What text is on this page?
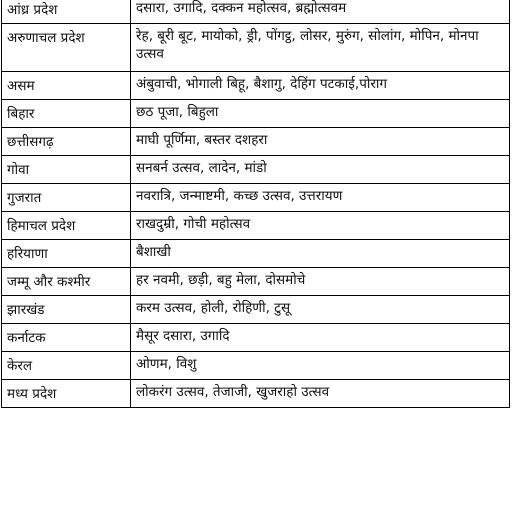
आंध्र प्रदेश	दसारा, उगादि, दक्कन महोत्सव, ब्रह्मोत्सवम
अरुणाचल प्रदेश	रेह, बूरी बूट, मायोको, ड्री, पोंगट्ठ, लोसर, मुरुंग, सोलांग, मोपिन, मोनपा उत्सव
असम	अंबुवाची, भोगाली बिहू, बैशागु, देहिंग पटकाई,पोराग
बिहार	छठ पूजा, बिहुला
छत्तीसगढ़	माघी पूर्णिमा, बस्तर दशहरा
गोवा	सनबर्न उत्सव, लादेन, मांडो
गुजरात	नवरात्रि, जन्माष्टमी, कच्छ उत्सव, उत्तरायण
हिमाचल प्रदेश	राखदुम्री, गोची महोत्सव
हरियाणा	बैशाखी
जम्मू और कश्मीर	हर नवमी, छड़ी, बहु मेला, दोसमोचे
झारखंड	करम उत्सव, होली, रोहिणी, टुसू
कर्नाटक	मैसूर दसारा, उगादि
केरल	ओणम, विशु
मध्य प्रदेश	लोकरंग उत्सव, तेजाजी, खुजराहो उत्सव
